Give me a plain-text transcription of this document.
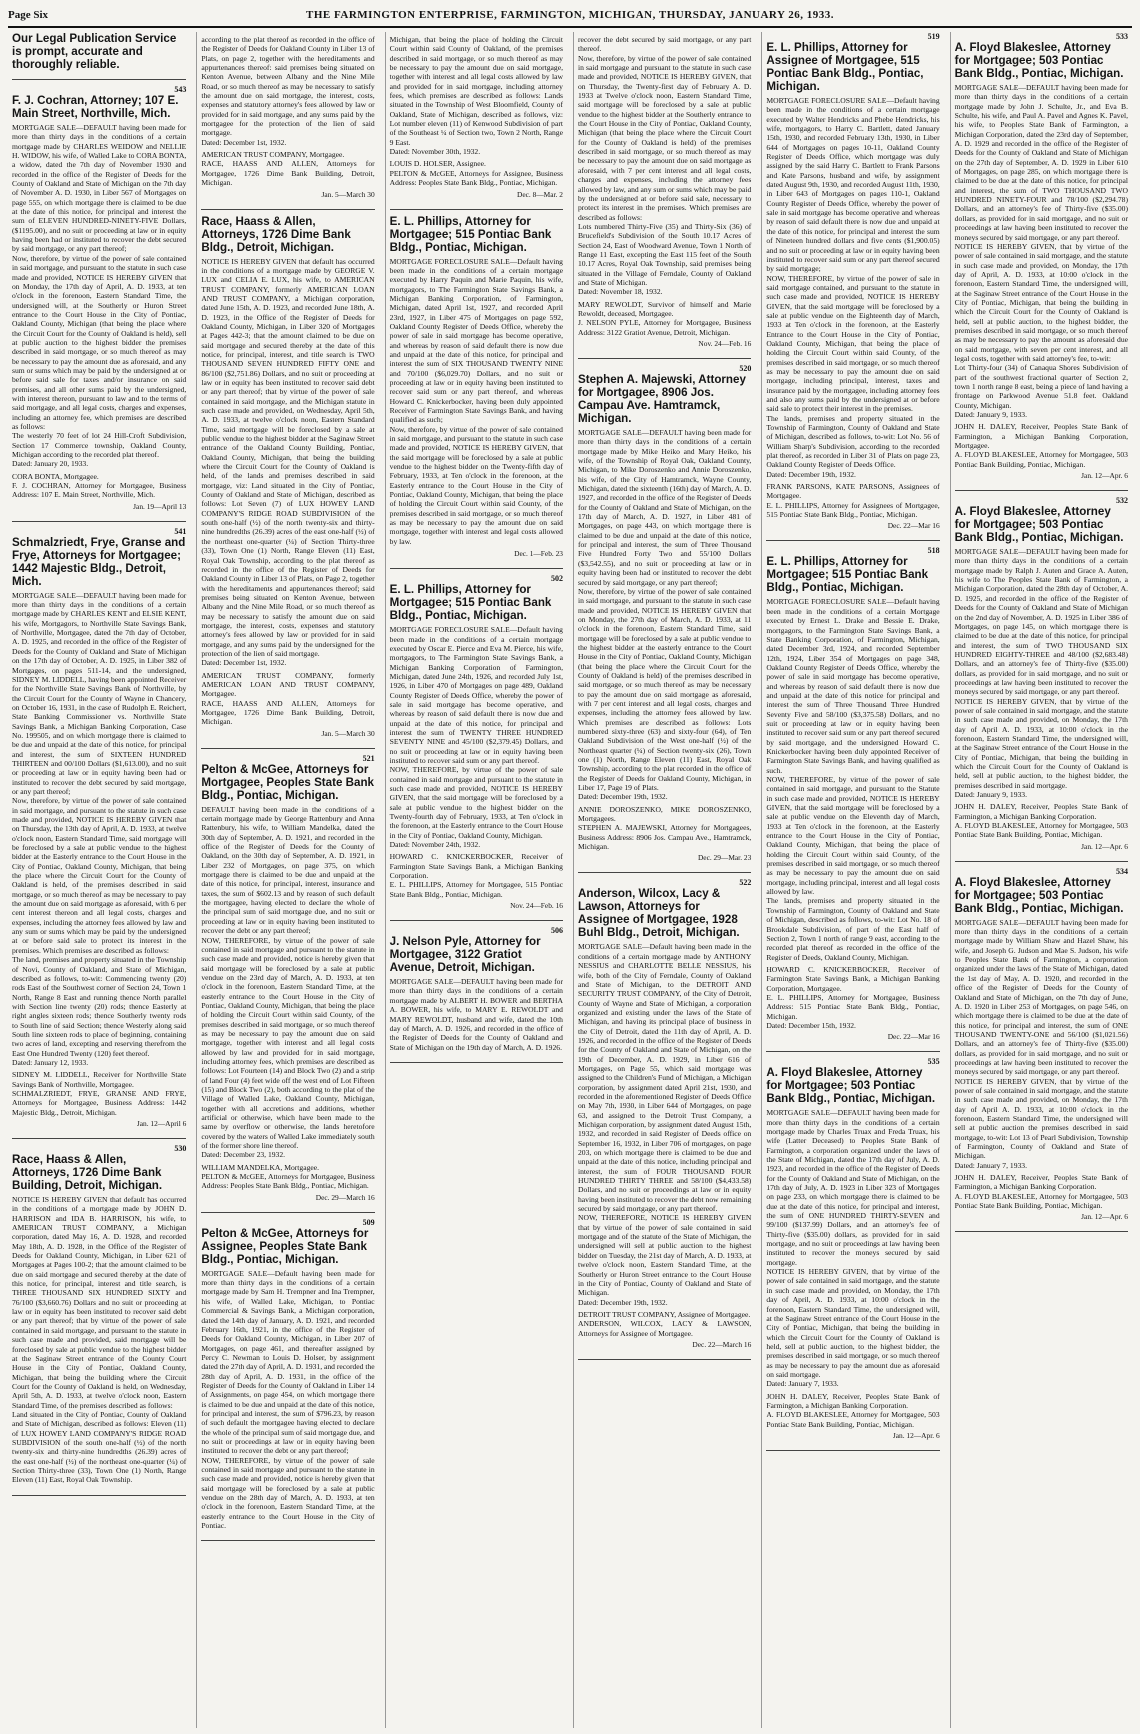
Page Six	THE FARMINGTON ENTERPRISE, FARMINGTON, MICHIGAN, THURSDAY, JANUARY 26, 1933.
Our Legal Publication Service is prompt, accurate and thoroughly reliable.
543
F. J. Cochran, Attorney; 107 E. Main Street, Northville, Mich.
MORTGAGE SALE—DEFAULT having been made for more than thirty days in the conditions of a certain mortgage made by CHARLES WEIDOW and NELLIE H. WIDOW, his wife, of Walled Lake to CORA BONTA, a widow, dated the 7th day of November 1930 and recorded in the office of the Register of Deeds for the County of Oakland and State of Michigan on the 7th day of November A. D. 1930, in Liber 567 of Mortgages on page 555, on which mortgage there is claimed to be due at the date of this notice, for principal and interest the sum of ELEVEN HUNDRED-NINETY-FIVE Dollars, ($1195.00), and no suit or proceeding at law or in equity having been had or instituted to recover the debt secured by said mortgage, or any part thereof;
Now, therefore, by virtue of the power of sale contained in said mortgage, and pursuant to the statute in such case made and provided, NOTICE IS HEREBY GIVEN that on Monday, the 17th day of April, A. D. 1933, at ten o'clock in the forenoon, Eastern Standard Time, the undersigned will, at the Southerly or Huron Street entrance to the Court House in the City of Pontiac, Oakland County, Michigan (that being the place where the Circuit Court for the County of Oakland is held), sell at public auction to the highest bidder the premises described in said mortgage, or so much thereof as may be necessary to pay the amount due as aforesaid, and any sum or sums which may be paid by the undersigned at or before said sale for taxes and/or insurance on said premises, and all other sums paid by the undersigned, with interest thereon, pursuant to law and to the terms of said mortgage, and all legal costs, charges and expenses, including an attorney fee, which premises are described as follows:
The westerly 70 feet of lot 24 Hill-Croft Subdivision, Section 17 Commerce township, Oakland County, Michigan according to the recorded plat thereof.
Dated: January 20, 1933.
CORA BONTA, Mortgagee.
F. J. COCHRAN, Attorney for Mortgagee, Business Address: 107 E. Main Street, Northville, Mich.
Jan. 19—April 13
541
Schmalzriedt, Frye, Granse and Frye, Attorneys for Mortgagee; 1442 Majestic Bldg., Detroit, Mich.
MORTGAGE SALE—DEFAULT having been made for more than thirty days in the conditions of a certain mortgage made by CHARLES KENT and ELSIE KENT, his wife, Mortgagors, to Northville State Savings Bank, of Northville, Mortgagee, dated the 7th day of October, A. D. 1925, and recorded in the office of the Register of Deeds for the County of Oakland and State of Michigan on the 17th day of October, A. D. 1925, in Liber 382 of Mortgages, on pages 511-14, and the undersigned, SIDNEY M. LIDDELL, having been appointed Receiver for the Northville State Savings Bank of Northville, by the Circuit Court for the County of Wayne in Chancery, on October 16, 1931, in the case of Rudolph E. Reichert, State Banking Commissioner vs. Northville State Savings Bank, a Michigan Banking Corporation, Case No. 199505, and on which mortgage there is claimed to be due and unpaid at the date of this notice, for principal and interest, the sum of SIXTEEN HUNDRED THIRTEEN and 00/100 Dollars ($1,613.00), and no suit or proceeding at law or in equity having been had or instituted to recover the debt secured by said mortgage, or any part thereof;
Now, therefore, by virtue of the power of sale contained in said mortgage, and pursuant to the statute in such case made and provided, NOTICE IS HEREBY GIVEN that on Thursday, the 13th day of April, A. D. 1933, at twelve o'clock noon, Eastern Standard Time, said mortgage will be foreclosed by a sale at public vendue to the highest bidder at the Easterly entrance to the Court House in the City of Pontiac, Oakland County, Michigan, that being the place where the Circuit Court for the County of Oakland is held, of the premises described in said mortgage, or so much thereof as may be necessary to pay the amount due on said mortgage as aforesaid, with 6 per cent interest thereon and all legal costs, charges and expenses, including the attorney fees allowed by law and any sum or sums which may be paid by the undersigned at or before said sale to protect its interest in the premises. Which premises are described as follows:
The land, premises and property situated in the Township of Novi, County of Oakland, and State of Michigan, described as follows, to-wit: Commencing twenty (20) rods East of the Southwest corner of Section 24, Town 1 North, Range 8 East and running thence North parallel with Section line twenty (20) rods; thence Easterly at right angles sixteen rods; thence Southerly twenty rods to South line of said Section; thence Westerly along said South line sixteen rods to place of beginning, containing two acres of land, excepting and reserving therefrom the East One Hundred Twenty (120) feet thereof.
Dated: January 12, 1933.
SIDNEY M. LIDDELL, Receiver for Northville State Savings Bank of Northville, Mortgagee.
SCHMALZRIEDT, FRYE, GRANSE AND FRYE, Attorneys for Mortgagee, Business Address: 1442 Majestic Bldg., Detroit, Michigan.
Jan. 12—April 6
530
Race, Haass & Allen, Attorneys, 1726 Dime Bank Building, Detroit, Michigan.
NOTICE IS HEREBY GIVEN that default has occurred in the conditions of a mortgage made by JOHN D. HARRISON and IDA B. HARRISON, his wife, to AMERICAN TRUST COMPANY, a Michigan corporation, dated May 16, A. D. 1928, and recorded May 18th, A. D. 1928, in the Office of the Register of Deeds for Oakland County, Michigan, in Liber 621 of Mortgages at Pages 100-2; that the amount claimed to be due on said mortgage and secured thereby at the date of this notice, for principal, interest and title search, is THREE THOUSAND SIX HUNDRED SIXTY and 76/100 ($3,660.76) Dollars and no suit or proceeding at law or in equity has been instituted to recover said debt or any part thereof; that by virtue of the power of sale contained in said mortgage, and pursuant to the statute in such case made and provided, said mortgage will be foreclosed by sale at public vendue to the highest bidder at the Saginaw Street entrance of the County Court House in the City of Pontiac, Oakland County, Michigan, that being the building where the Circuit Court for the County of Oakland is held, on Wednesday, April 5th, A. D. 1933, at twelve o'clock noon, Eastern Standard Time, of the premises described as follows:
Land situated in the City of Pontiac, County of Oakland and State of Michigan, described as follows: Eleven (11) of LUX HOWEY LAND COMPANY'S RIDGE ROAD SUBDIVISION of the south one-half (½) of the north twenty-six and thirty-nine hundredths (26.39) acres of the east one-half (½) of the northeast one-quarter (¼) of Section Thirty-three (33), Town One (1) North, Range Eleven (11) East, Royal Oak Township.
according to the plat thereof as recorded in the office of the Register of Deeds for Oakland County in Liber 13 of Plats, on page 2, together with the hereditaments and appurtenances thereof: said premises being situated on Kenton Avenue, between Albany and the Nine Mile Road, or so much thereof as may be necessary to satisfy the amount due on said mortgage, the interest, costs, expenses and statutory attorney's fees allowed by law or provided for in said mortgage, and any sums paid by the mortgagee for the protection of the lien of said mortgage.
Dated: December 1st, 1932.
AMERICAN TRUST COMPANY, Mortgagee.
RACE, HAASS AND ALLEN, Attorneys for Mortgagee, 1726 Dime Bank Building, Detroit, Michigan.
Jan. 5—March 30
Race, Haass & Allen, Attorneys, 1726 Dime Bank Bldg., Detroit, Michigan.
NOTICE IS HEREBY GIVEN that default has occurred in the conditions of a mortgage made by GEORGE V. LUX and CELIA E. LUX, his wife, to AMERICAN TRUST COMPANY, formerly AMERICAN LOAN AND TRUST COMPANY, a Michigan corporation, dated June 15th, A. D. 1923, and recorded June 18th, A. D. 1923, in the Office of the Register of Deeds for Oakland County, Michigan, in Liber 320 of Mortgages at Pages 442-3; that the amount claimed to be due on said mortgage and secured thereby at the date of this notice, for principal, interest, and title search is TWO THOUSAND SEVEN HUNDRED FIFTY ONE and 86/100 ($2,751.86) Dollars, and no suit or proceeding at law or in equity has been instituted to recover said debt or any part thereof; that by virtue of the power of sale contained in said mortgage, and the Michigan statute in such case made and provided, on Wednesday, April 5th, A. D. 1933, at twelve o'clock noon, Eastern Standard Time, said mortgage will be foreclosed by a sale at public vendue to the highest bidder at the Saginaw Street entrance of the Oakland County Building, Pontiac, Oakland County, Michigan, that being the building where the Circuit Court for the County of Oakland is held, of the lands and premises described in said mortgage, viz: Land situated in the City of Pontiac, County of Oakland and State of Michigan, described as follows: Lot Seven (7) of LUX HOWEY LAND COMPANY'S RIDGE ROAD SUBDIVISION of the south one-half (½) of the north twenty-six and thirty-nine hundredths (26.39) acres of the east one-half (½) of the northeast one-quarter (¼) of Section Thirty-three (33), Town One (1) North, Range Eleven (11) East, Royal Oak Township, according to the plat thereof as recorded in the office of the Register of Deeds for Oakland County in Liber 13 of Plats, on Page 2, together with the hereditaments and appurtenances thereof; said premises being situated on Kenton Avenue, between Albany and the Nine Mile Road, or so much thereof as may be necessary to satisfy the amount due on said mortgage, the interest, costs, expenses and statutory attorney's fees allowed by law or provided for in said mortgage, and any sums paid by the undersigned for the protection of the lien of said mortgage.
Dated: December 1st, 1932.
AMERICAN TRUST COMPANY, formerly AMERICAN LOAN AND TRUST COMPANY, Mortgagee.
RACE, HAASS AND ALLEN, Attorneys for Mortgagee, 1726 Dime Bank Building, Detroit, Michigan.
Jan. 5—March 30
521
Pelton & McGee, Attorneys for Mortgagee, Peoples State Bank Bldg., Pontiac, Michigan.
DEFAULT having been made in the conditions of a certain mortgage made by George Rattenbury and Anna Rattenbury, his wife, to William Mandelka, dated the 30th day of September, A. D. 1921, and recorded in the office of the Register of Deeds for the County of Oakland, on the 30th day of September, A. D. 1921, in Liber 232 of Mortgages, on page 375, on which mortgage there is claimed to be due and unpaid at the date of this notice, for principal, interest, insurance and taxes, the sum of $602.13 and by reason of such default the mortgagee, having elected to declare the whole of the principal sum of said mortgage due, and no suit or proceeding at law or in equity having been instituted to recover the debt or any part thereof;
NOW, THEREFORE, by virtue of the power of sale contained in said mortgage and pursuant to the statute in such case made and provided, notice is hereby given that said mortgage will be foreclosed by a sale at public vendue on the 23rd day of March, A. D. 1933, at ten o'clock in the forenoon, Eastern Standard Time, at the easterly entrance to the Court House in the City of Pontiac, Oakland County, Michigan, that being the place of holding the Circuit Court within said County, of the premises described in said mortgage, or so much thereof as may be necessary to pay the amount due on said mortgage, together with interest and all legal costs allowed by law and provided for in said mortgage, including attorney fees, which premises are described as follows: Lot Fourteen (14) and Block Two (2) and a strip of land Four (4) feet wide off the west end of Lot Fifteen (15) and Block Two (2), both according to the plat of the Village of Walled Lake, Oakland County, Michigan, together with all accretions and additions, whether artificial or otherwise, which have been made to the same by overflow or otherwise, the lands heretofore covered by the waters of Walled Lake immediately south of the former shore line thereof.
Dated: December 23, 1932.
WILLIAM MANDELKA, Mortgagee.
PELTON & McGEE, Attorneys for Mortgagee, Business Address: Peoples State Bank Bldg., Pontiac, Michigan.
Dec. 29—March 16
509
Pelton & McGee, Attorneys for Assignee, Peoples State Bank Bldg., Pontiac, Michigan.
MORTGAGE SALE—Default having been made for more than thirty days in the conditions of a certain mortgage made by Sam H. Trempner and Ina Trempner, his wife, of Walled Lake, Michigan, to Pontiac Commercial & Savings Bank, a Michigan corporation, dated the 14th day of January, A. D. 1921, and recorded February 16th, 1921, in the office of the Register of Deeds for Oakland County, Michigan, in Liber 207 of Mortgages, on page 461, and thereafter assigned by Percy C. Newman to Louis D. Holser, by assignment dated the 27th day of April, A. D. 1931, and recorded the 28th day of April, A. D. 1931, in the office of the Register of Deeds for the County of Oakland in Liber 14 of Assignments, on page 454, on which mortgage there is claimed to be due and unpaid at the date of this notice, for principal and interest, the sum of $796.23, by reason of such default the mortgagee having elected to declare the whole of the principal sum of said mortgage due, and no suit or proceedings at law or in equity having been instituted to recover the debt or any part thereof;
NOW, THEREFORE, by virtue of the power of sale contained in said mortgage and pursuant to the statute in such case made and provided, notice is hereby given that said mortgage will be foreclosed by a sale at public vendue on the 28th day of March, A. D. 1933, at ten o'clock in the forenoon, Eastern Standard Time, at the easterly entrance to the Court House in the City of Pontiac.
Michigan, that being the place of holding the Circuit Court within said County of Oakland, of the premises described in said mortgage, or so much thereof as may be necessary to pay the amount due on said mortgage, together with interest and all legal costs allowed by law and provided for in said mortgage, including attorney fees, which premises are described as follows: Lands situated in the Township of West Bloomfield, County of Oakland, State of Michigan, described as follows, viz: Lot number eleven (11) of Kenwood Subdivision of part of the Southeast ¼ of Section two, Town 2 North, Range 9 East.
Dated: November 30th, 1932.
LOUIS D. HOLSER, Assignee.
PELTON & McGEE, Attorneys for Assignee, Business Address: Peoples State Bank Bldg., Pontiac, Michigan.
Dec. 8—Mar. 2
E. L. Phillips, Attorney for Mortgagee; 515 Pontiac Bank Bldg., Pontiac, Michigan.
MORTGAGE FORECLOSURE SALE—Default having been made in the conditions of a certain mortgage executed by Harry Paquin and Marie Paquin, his wife, mortgagors, to The Farmington State Savings Bank, a Michigan Banking Corporation, of Farmington, Michigan, dated April 1st, 1927, and recorded April 23rd, 1927, in Liber 475 of Mortgages on page 592, Oakland County Register of Deeds Office, whereby the power of sale in said mortgage has become operative, and whereas by reason of said default there is now due and unpaid at the date of this notice, for principal and interest the sum of SIX THOUSAND TWENTY NINE and 70/100 ($6,029.70) Dollars, and no suit or proceeding at law or in equity having been instituted to recover said sum or any part thereof, and whereas Howard C. Knickerbocker, having been duly appointed Receiver of Farmington State Savings Bank, and having qualified as such;
Now, therefore, by virtue of the power of sale contained in said mortgage, and pursuant to the statute in such case made and provided, NOTICE IS HEREBY GIVEN, that the said mortgage will be foreclosed by a sale at public vendue to the highest bidder on the Twenty-fifth day of February, 1933, at Ten o'clock in the forenoon, at the Easterly entrance to the Court House in the City of Pontiac, Oakland County, Michigan, that being the place of holding the Circuit Court within said County, of the premises described in said mortgage, or so much thereof as may be necessary to pay the amount due on said mortgage, together with interest and legal costs allowed by law.
Dec. 1—Feb. 23
502
E. L. Phillips, Attorney for Mortgagee; 515 Pontiac Bank Bldg., Pontiac, Michigan.
MORTGAGE FORECLOSURE SALE—Default having been made in the conditions of a certain mortgage executed by Oscar E. Pierce and Eva M. Pierce, his wife, mortgagors, to The Farmington State Savings Bank, a Michigan Banking Corporation of Farmington, Michigan, dated June 24th, 1926, and recorded July 1st, 1926, in Liber 470 of Mortgages on page 489, Oakland County Register of Deeds Office, whereby the power of sale in said mortgage has become operative, and whereas by reason of said default there is now due and unpaid at the date of this notice, for principal and interest the sum of TWENTY THREE HUNDRED SEVENTY NINE and 45/100 ($2,379.45) Dollars, and no suit or proceeding at law or in equity having been instituted to recover said sum or any part thereof.
NOW, THEREFORE, by virtue of the power of sale contained in said mortgage and pursuant to the statute in such case made and provided, NOTICE IS HEREBY GIVEN, that the said mortgage will be foreclosed by a sale at public vendue to the highest bidder on the Twenty-fourth day of February, 1933, at Ten o'clock in the forenoon, at the Easterly entrance to the Court House in the City of Pontiac, Oakland County, Michigan.
Dated: November 24th, 1932.
HOWARD C. KNICKERBOCKER, Receiver of Farmington State Savings Bank, a Michigan Banking Corporation.
E. L. PHILLIPS, Attorney for Mortgagee, 515 Pontiac State Bank Bldg., Pontiac, Michigan.
Nov. 24—Feb. 16
506
J. Nelson Pyle, Attorney for Mortgagee, 3122 Gratiot Avenue, Detroit, Michigan.
MORTGAGE SALE—DEFAULT having been made for more than thirty days in the conditions of a certain mortgage made by ALBERT H. BOWER and BERTHA A. BOWER, his wife, to MARY E. REWOLDT and MARY REWOLDT, husband and wife, dated the 10th day of March, A. D. 1926, and recorded in the office of the Register of Deeds for the County of Oakland and State of Michigan on the 19th day of March, A. D. 1926.
recover the debt secured by said mortgage, or any part thereof.
Now, therefore, by virtue of the power of sale contained in said mortgage and pursuant to the statute in such case made and provided, NOTICE IS HEREBY GIVEN, that on Thursday, the Twenty-first day of February A. D. 1933 at Twelve o'clock noon, Eastern Standard Time, said mortgage will be foreclosed by a sale at public vendue to the highest bidder at the Southerly entrance to the Court House in the City of Pontiac, Oakland County, Michigan (that being the place where the Circuit Court for the County of Oakland is held) of the premises described in said mortgage, or so much thereof as may be necessary to pay the amount due on said mortgage as aforesaid, with 7 per cent interest and all legal costs, charges and expenses, including the attorney fees allowed by law, and any sum or sums which may be paid by the undersigned at or before said sale, necessary to protect its interest in the premises. Which premises are described as follows:
Lots numbered Thirty-Five (35) and Thirty-Six (36) of Brucefield's Subdivision of the South 10.17 Acres of Section 24, East of Woodward Avenue, Town 1 North of Range 11 East, excepting the East 115 feet of the South 10.17 Acres, Royal Oak Township, said premises being situated in the Village of Ferndale, County of Oakland and State of Michigan.
Dated: November 18, 1932.
MARY REWOLDT, Survivor of himself and Marie Rewoldt, deceased, Mortgagee.
J. NELSON PYLE, Attorney for Mortgagee, Business Address: 3122 Gratiot Avenue, Detroit, Michigan.
Nov. 24—Feb. 16
520
Stephen A. Majewski, Attorney for Mortgagee, 8906 Jos. Campau Ave. Hamtramck, Michigan.
MORTGAGE SALE—DEFAULT having been made for more than thirty days in the conditions of a certain mortgage made by Mike Heiko and Mary Heiko, his wife, of the Township of Royal Oak, Oakland County, Michigan, to Mike Doroszenko and Annie Doroszenko, his wife, of the City of Hamtramck, Wayne County, Michigan, dated the sixteenth (16th) day of March, A. D. 1927, and recorded in the office of the Register of Deeds for the County of Oakland and State of Michigan, on the 17th day of March, A. D. 1927, in Liber 481 of Mortgages, on page 443, on which mortgage there is claimed to be due and unpaid at the date of this notice, for principal and interest, the sum of Three Thousand Five Hundred Forty Two and 55/100 Dollars ($3,542.55), and no suit or proceeding at law or in equity having been had or instituted to recover the debt secured by said mortgage, or any part thereof;
Now, therefore, by virtue of the power of sale contained in said mortgage, and pursuant to the statute in such case made and provided, NOTICE IS HEREBY GIVEN that on Monday, the 27th day of March, A. D. 1933, at 11 o'clock in the forenoon, Eastern Standard Time, said mortgage will be foreclosed by a sale at public vendue to the highest bidder at the easterly entrance to the Court House in the City of Pontiac, Oakland County, Michigan (that being the place where the Circuit Court for the County of Oakland is held) of the premises described in said mortgage, or so much thereof as may be necessary to pay the amount due on said mortgage as aforesaid, with 7 per cent interest and all legal costs, charges and expenses, including the attorney fees allowed by law. Which premises are described as follows: Lots numbered sixty-three (63) and sixty-four (64), of Ten Oakland Subdivision of the West one-half (½) of the Northeast quarter (¼) of Section twenty-six (26), Town one (1) North, Range Eleven (11) East, Royal Oak Township, according to the plat recorded in the office of the Register of Deeds for Oakland County, Michigan, in Liber 17, Page 19 of Plats.
Dated: December 19th, 1932.
ANNIE DOROSZENKO, MIKE DOROSZENKO, Mortgagees.
STEPHEN A. MAJEWSKI, Attorney for Mortgagees, Business Address: 8906 Jos. Campau Ave., Hamtramck, Michigan.
Dec. 29—Mar. 23
522
Anderson, Wilcox, Lacy & Lawson, Attorneys for Assignee of Mortgagee, 1928 Buhl Bldg., Detroit, Michigan.
MORTGAGE SALE—Default having been made in the conditions of a certain mortgage made by ANTHONY NESSIUS and CHARLOTTE BELLE NESSIUS, his wife, both of the City of Ferndale, County of Oakland and State of Michigan, to the DETROIT AND SECURITY TRUST COMPANY, of the City of Detroit, County of Wayne and State of Michigan, a corporation organized and existing under the laws of the State of Michigan, and having its principal place of business in the City of Detroit, dated the 11th day of April, A. D. 1926, and recorded in the office of the Register of Deeds for the County of Oakland and State of Michigan, on the 19th of December, A. D. 1929, in Liber 616 of Mortgages, on Page 55, which said mortgage was assigned to the Children's Fund of Michigan, a Michigan corporation, by assignment dated April 21st, 1930, and recorded in the aforementioned Register of Deeds Office on May 7th, 1930, in Liber 644 of Mortgages, on page 63, and assigned to the Detroit Trust Company, a Michigan corporation, by assignment dated August 15th, 1932, and recorded in said Register of Deeds office on September 16, 1932, in Liber 706 of mortgages, on page 203, on which mortgage there is claimed to be due and unpaid at the date of this notice, including principal and interest, the sum of FOUR THOUSAND FOUR HUNDRED THIRTY THREE and 58/100 ($4,433.58) Dollars, and no suit or proceedings at law or in equity having been instituted to recover the debt now remaining secured by said mortgage, or any part thereof.
NOW, THEREFORE, NOTICE IS HEREBY GIVEN that by virtue of the power of sale contained in said mortgage and of the statute of the State of Michigan, the undersigned will sell at public auction to the highest bidder on Tuesday, the 21st day of March, A. D. 1933, at twelve o'clock noon, Eastern Standard Time, at the Southerly or Huron Street entrance to the Court House in the City of Pontiac, County of Oakland and State of Michigan.
Dated: December 19th, 1932.
DETROIT TRUST COMPANY, Assignee of Mortgagee.
ANDERSON, WILCOX, LACY & LAWSON, Attorneys for Assignee of Mortgagee.
Dec. 22—March 16
519
E. L. Phillips, Attorney for Assignee of Mortgagee, 515 Pontiac Bank Bldg., Pontiac, Michigan.
MORTGAGE FORECLOSURE SALE—Default having been made in the conditions of a certain mortgage executed by Walter Hendricks and Phebe Hendricks, his wife, mortgagors, to Harry C. Bartlett, dated January 15th, 1930, and recorded February 13th, 1930, in Liber 644 of Mortgages on pages 10-11, Oakland County Register of Deeds Office, which mortgage was duly assigned by the said Harry C. Bartlett to Frank Parsons and Kate Parsons, husband and wife, by assignment dated August 9th, 1930, and recorded August 11th, 1930, in Liber 643 of Mortgages on pages 110-1, Oakland County Register of Deeds Office, whereby the power of sale in said mortgage has become operative and whereas by reason of said default there is now due and unpaid at the date of this notice, for principal and interest the sum of Nineteen hundred dollars and five cents ($1,900.05) and no suit or proceeding at law or in equity having been instituted to recover said sum or any part thereof secured by said mortgage;
NOW, THEREFORE, by virtue of the power of sale in said mortgage contained, and pursuant to the statute in such case made and provided, NOTICE IS HEREBY GIVEN, that the said mortgage will be foreclosed by a sale at public vendue on the Eighteenth day of March, 1933 at Ten o'clock in the forenoon, at the Easterly Entrance to the Court House in the City of Pontiac, Oakland County, Michigan, that being the place of holding the Circuit Court within said County, of the premises described in said mortgage, or so much thereof as may be necessary to pay the amount due on said mortgage, including principal, interest, taxes and insurance paid by the mortgagee, including attorney fees and also any sums paid by the undersigned at or before said sale to protect their interest in the premises.
The lands, premises and property situated in the Township of Farmington, County of Oakland and State of Michigan, described as follows, to-wit: Lot No. 56 of William Sharp's Subdivision, according to the recorded plat thereof, as recorded in Liber 31 of Plats on page 23, Oakland County Register of Deeds Office.
Dated: December 19th, 1932.
FRANK PARSONS, KATE PARSONS, Assignees of Mortgagee.
E. L. PHILLIPS, Attorney for Assignees of Mortgagee, 515 Pontiac State Bank Bldg., Pontiac, Michigan.
Dec. 22—Mar 16
518
E. L. Phillips, Attorney for Mortgagee; 515 Pontiac Bank Bldg., Pontiac, Michigan.
MORTGAGE FORECLOSURE SALE—Default having been made in the conditions of a certain Mortgage executed by Ernest L. Drake and Bessie E. Drake, mortgagors, to the Farmington State Savings Bank, a State Banking Corporation, of Farmington, Michigan, dated December 3rd, 1924, and recorded September 12th, 1924, Liber 354 of Mortgages on page 348, Oakland County Register of Deeds Office, whereby the power of sale in said mortgage has become operative, and whereas by reason of said default there is now due and unpaid at the date of this notice for principal and interest the sum of Three Thousand Three Hundred Seventy Five and 58/100 ($3,375.58) Dollars, and no suit or proceeding at law or in equity having been instituted to recover said sum or any part thereof secured by said mortgage, and the undersigned Howard C. Knickerbocker having been duly appointed Receiver of Farmington State Savings Bank, and having qualified as such.
NOW, THEREFORE, by virtue of the power of sale contained in said mortgage, and pursuant to the Statute in such case made and provided, NOTICE IS HEREBY GIVEN, that the said mortgage will be foreclosed by a sale at public vendue on the Eleventh day of March, 1933 at Ten o'clock in the forenoon, at the Easterly entrance to the Court House in the City of Pontiac, Oakland County, Michigan, that being the place of holding the Circuit Court within said County, of the premises described in said mortgage, or so much thereof as may be necessary to pay the amount due on said mortgage, including principal, interest and all legal costs allowed by law.
The lands, premises and property situated in the Township of Farmington, County of Oakland and State of Michigan, described as follows, to-wit: Lot No. 18 of Brookdale Subdivision, of part of the East half of Section 2, Town 1 north of range 9 east, according to the recorded plat thereof as recorded in the office of the Register of Deeds, Oakland County, Michigan.
HOWARD C. KNICKERBOCKER, Receiver of Farmington State Savings Bank, a Michigan Banking Corporation, Mortgagee.
E. L. PHILLIPS, Attorney for Mortgagee, Business Address: 515 Pontiac State Bank Bldg., Pontiac, Michigan.
Dated: December 15th, 1932.
Dec. 22—Mar 16
535
A. Floyd Blakeslee, Attorney for Mortgagee; 503 Pontiac Bank Bldg., Pontiac, Michigan.
MORTGAGE SALE—DEFAULT having been made for more than thirty days in the conditions of a certain mortgage made by Charles Truax and Freda Truax, his wife (Latter Deceased) to Peoples State Bank of Farmington, a corporation organized under the laws of the State of Michigan, dated the 17th day of July, A. D. 1923, and recorded in the office of the Register of Deeds for the County of Oakland and State of Michigan, on the 17th day of July, A. D. 1923 in Liber 323 of Mortgages on page 233, on which mortgage there is claimed to be due at the date of this notice, for principal and interest, the sum of ONE HUNDRED THIRTY-SEVEN and 99/100 ($137.99) Dollars, and an attorney's fee of Thirty-five ($35.00) dollars, as provided for in said mortgage, and no suit or proceedings at law having been instituted to recover the moneys secured by said mortgage.
NOTICE IS HEREBY GIVEN, that by virtue of the power of sale contained in said mortgage, and the statute in such case made and provided, on Monday, the 17th day of April, A. D. 1933, at 10:00 o'clock in the forenoon, Eastern Standard Time, the undersigned will, at the Saginaw Street entrance of the Court House in the City of Pontiac, Michigan, that being the building in which the Circuit Court for the County of Oakland is held, sell at public auction, to the highest bidder, the premises described in said mortgage, or so much thereof as may be necessary to pay the amount due as aforesaid on said mortgage.
Dated: January 7, 1933.
JOHN H. DALEY, Receiver, Peoples State Bank of Farmington, a Michigan Banking Corporation.
A. FLOYD BLAKESLEE, Attorney for Mortgagee, 503 Pontiac State Bank Building, Pontiac, Michigan.
Jan. 12—Apr. 6
533
A. Floyd Blakeslee, Attorney for Mortgagee; 503 Pontiac Bank Bldg., Pontiac, Michigan.
MORTGAGE SALE—DEFAULT having been made for more than thirty days in the conditions of a certain mortgage made by John J. Schulte, Jr., and Eva B. Schulte, his wife, and Paul A. Pavel and Agnes K. Pavel, his wife, to Peoples State Bank of Farmington, a Michigan Corporation, dated the 23rd day of September, A. D. 1929 and recorded in the office of the Register of Deeds for the County of Oakland and State of Michigan on the 27th day of September, A. D. 1929 in Liber 610 of Mortgages, on page 285, on which mortgage there is claimed to be due at the date of this notice, for principal and interest, the sum of TWO THOUSAND TWO HUNDRED NINETY-FOUR and 78/100 ($2,294.78) Dollars, and an attorney's fee of Thirty-five ($35.00) dollars, as provided for in said mortgage, and no suit or proceedings at law having been instituted to recover the moneys secured by said mortgage, or any part thereof.
NOTICE IS HEREBY GIVEN, that by virtue of the power of sale contained in said mortgage, and the statute in such case made and provided, on Monday, the 17th day of April, A. D. 1933, at 10:00 o'clock in the forenoon, Eastern Standard Time, the undersigned will, at the Saginaw Street entrance of the Court House in the City of Pontiac, Michigan, that being the building in which the Circuit Court for the County of Oakland is held, sell at public auction, to the highest bidder, the premises described in said mortgage, or so much thereof as may be necessary to pay the amount as aforesaid due on said mortgage, with seven per cent interest, and all legal costs, together with said attorney's fee, to-wit:
Lot Thirty-four (34) of Canaqua Shores Subdivision of part of the southwest fractional quarter of Section 2, town 1 north range 8 east, being a piece of land having a frontage on Parkwood Avenue 51.8 feet. Oakland County, Michigan.
Dated: January 9, 1933.
JOHN H. DALEY, Receiver, Peoples State Bank of Farmington, a Michigan Banking Corporation, Mortgagee.
A. FLOYD BLAKESLEE, Attorney for Mortgagee, 503 Pontiac Bank Building, Pontiac, Michigan.
Jan. 12—Apr. 6
532
A. Floyd Blakeslee, Attorney for Mortgagee; 503 Pontiac Bank Bldg., Pontiac, Michigan.
MORTGAGE SALE—DEFAULT having been made for more than thirty days in the conditions of a certain mortgage made by Ralph J. Auten and Grace A. Auten, his wife to The Peoples State Bank of Farmington, a Michigan Corporation, dated the 28th day of October, A. D. 1925, and recorded in the office of the Register of Deeds for the County of Oakland and State of Michigan on the 2nd day of November, A. D. 1925 in Liber 386 of Mortgages, on page 145, on which mortgage there is claimed to be due at the date of this notice, for principal and interest, the sum of TWO THOUSAND SIX HUNDRED EIGHTY-THREE and 48/100 ($2,683.48) Dollars, and an attorney's fee of Thirty-five ($35.00) dollars, as provided for in said mortgage, and no suit or proceedings at law having been instituted to recover the moneys secured by said mortgage, or any part thereof.
NOTICE IS HEREBY GIVEN, that by virtue of the power of sale contained in said mortgage, and the statute in such case made and provided, on Monday, the 17th day of April A. D. 1933, at 10:00 o'clock in the forenoon, Eastern Standard Time, the undersigned will, at the Saginaw Street entrance of the Court House in the City of Pontiac, Michigan, that being the building in which the Circuit Court for the County of Oakland is held, sell at public auction, to the highest bidder, the premises described in said mortgage.
Dated: January 9, 1933.
JOHN H. DALEY, Receiver, Peoples State Bank of Farmington, a Michigan Banking Corporation.
A. FLOYD BLAKESLEE, Attorney for Mortgagee, 503 Pontiac State Bank Building, Pontiac, Michigan.
Jan. 12—Apr. 6
534
A. Floyd Blakeslee, Attorney for Mortgagee; 503 Pontiac Bank Bldg., Pontiac, Michigan.
MORTGAGE SALE—DEFAULT having been made for more than thirty days in the conditions of a certain mortgage made by William Shaw and Hazel Shaw, his wife, and Joseph G. Judson and Mae S. Judson, his wife to Peoples State Bank of Farmington, a corporation organized under the laws of the State of Michigan, dated the 1st day of May, A. D. 1920, and recorded in the office of the Register of Deeds for the County of Oakland and State of Michigan, on the 7th day of June, A. D. 1920 in Liber 253 of Mortgages, on page 546, on which mortgage there is claimed to be due at the date of this notice, for principal and interest, the sum of ONE THOUSAND TWENTY-ONE and 56/100 ($1,021.56) Dollars, and an attorney's fee of Thirty-five ($35.00) dollars, as provided for in said mortgage, and no suit or proceedings at law having been instituted to recover the moneys secured by said mortgage, or any part thereof.
NOTICE IS HEREBY GIVEN, that by virtue of the power of sale contained in said mortgage, and the statute in such case made and provided, on Monday, the 17th day of April A. D. 1933, at 10:00 o'clock in the forenoon, Eastern Standard Time, the undersigned will sell at public auction the premises described in said mortgage, to-wit: Lot 13 of Pearl Subdivision, Township of Farmington, County of Oakland and State of Michigan.
Dated: January 7, 1933.
JOHN H. DALEY, Receiver, Peoples State Bank of Farmington, a Michigan Banking Corporation.
A. FLOYD BLAKESLEE, Attorney for Mortgagee, 503 Pontiac State Bank Building, Pontiac, Michigan.
Jan. 12—Apr. 6
